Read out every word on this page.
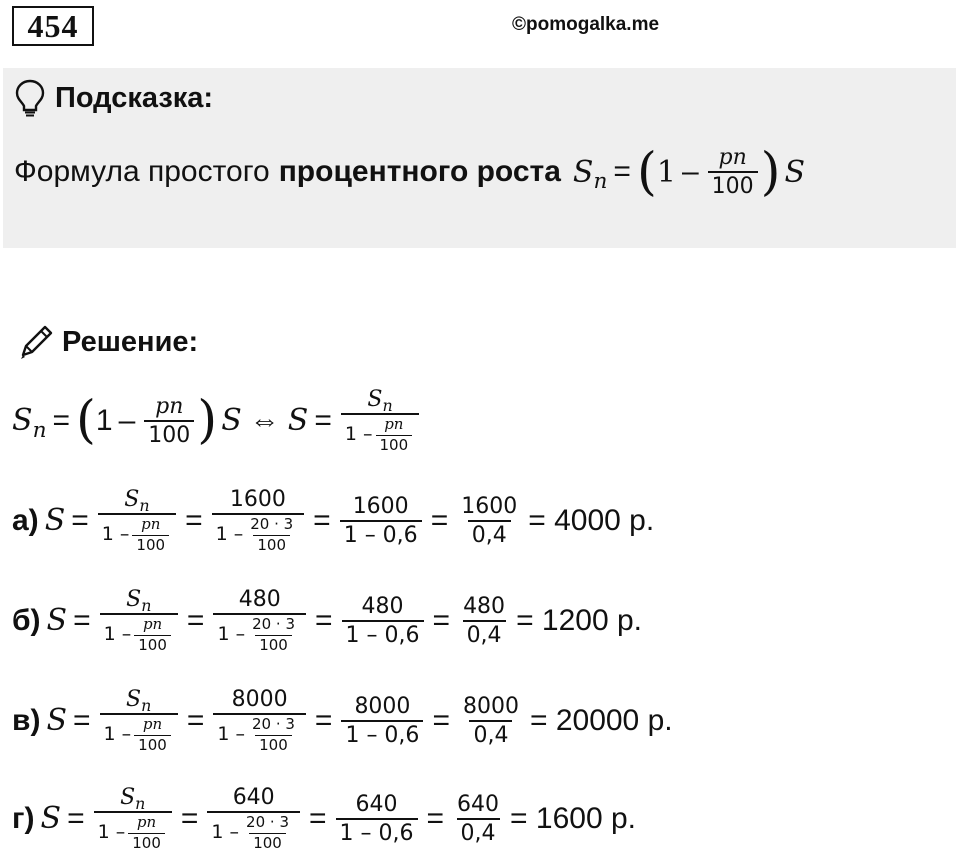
454	©pomogalka.me
Подсказка:
Формула простого процентного роста $S_n$ = ( $1 - \frac{pn}{100}$ ) S
Решение:
$S_n$ = ( $1 - \frac{pn}{100}$ ) S ⇔ $S = \frac{S_n}{1 - \frac{pn}{100}}$
а) $S = \frac{S_n}{1 - \frac{pn}{100}} = \frac{1600}{1 - \frac{20 \cdot 3}{100}} = \frac{1600}{1 - 0,6} = \frac{1600}{0,4} = 4000$ р.
б) $S = \frac{S_n}{1 - \frac{pn}{100}} = \frac{480}{1 - \frac{20 \cdot 3}{100}} = \frac{480}{1 - 0,6} = \frac{480}{0,4} = 1200$ р.
в) $S = \frac{S_n}{1 - \frac{pn}{100}} = \frac{8000}{1 - \frac{20 \cdot 3}{100}} = \frac{8000}{1 - 0,6} = \frac{8000}{0,4} = 20000$ р.
г) $S = \frac{S_n}{1 - \frac{pn}{100}} = \frac{640}{1 - \frac{20 \cdot 3}{100}} = \frac{640}{1 - 0,6} = \frac{640}{0,4} = 1600$ р.
